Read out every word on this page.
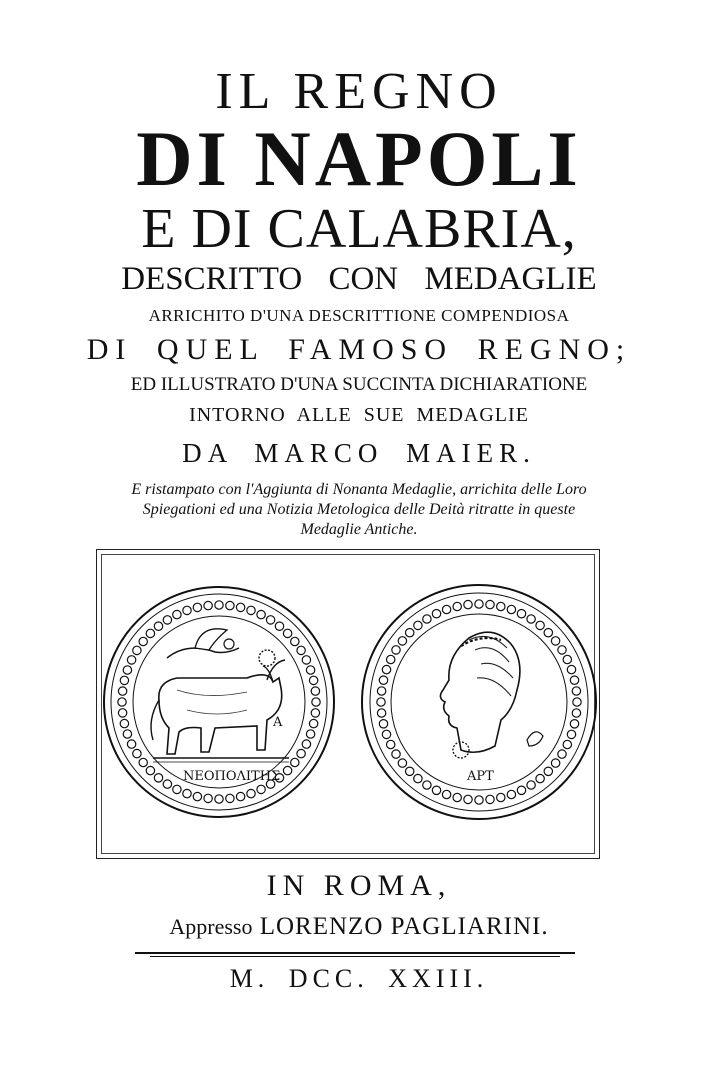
IL REGNO
DI NAPOLI
E DI CALABRIA,
DESCRITTO CON MEDAGLIE
ARRICHITO D'UNA DESCRITTIONE COMPENDIOSA
DI QUEL FAMOSO REGNO;
ED ILLUSTRATO D'UNA SUCCINTA DICHIARATIONE
INTORNO ALLE SUE MEDAGLIE
DA MARCO MAIER.
E ristampato con l'Aggiunta di Nonanta Medaglie, arrichita delle Loro
Spiegationi ed una Notizia Metologica delle Deità ritratte in queste
Medaglie Antiche.
A
ΝΕΟΠΟΛΙΤΗΣ	APT
IN ROMA,
Appresso LORENZO PAGLIARINI.
M. DCC. XXIII.
